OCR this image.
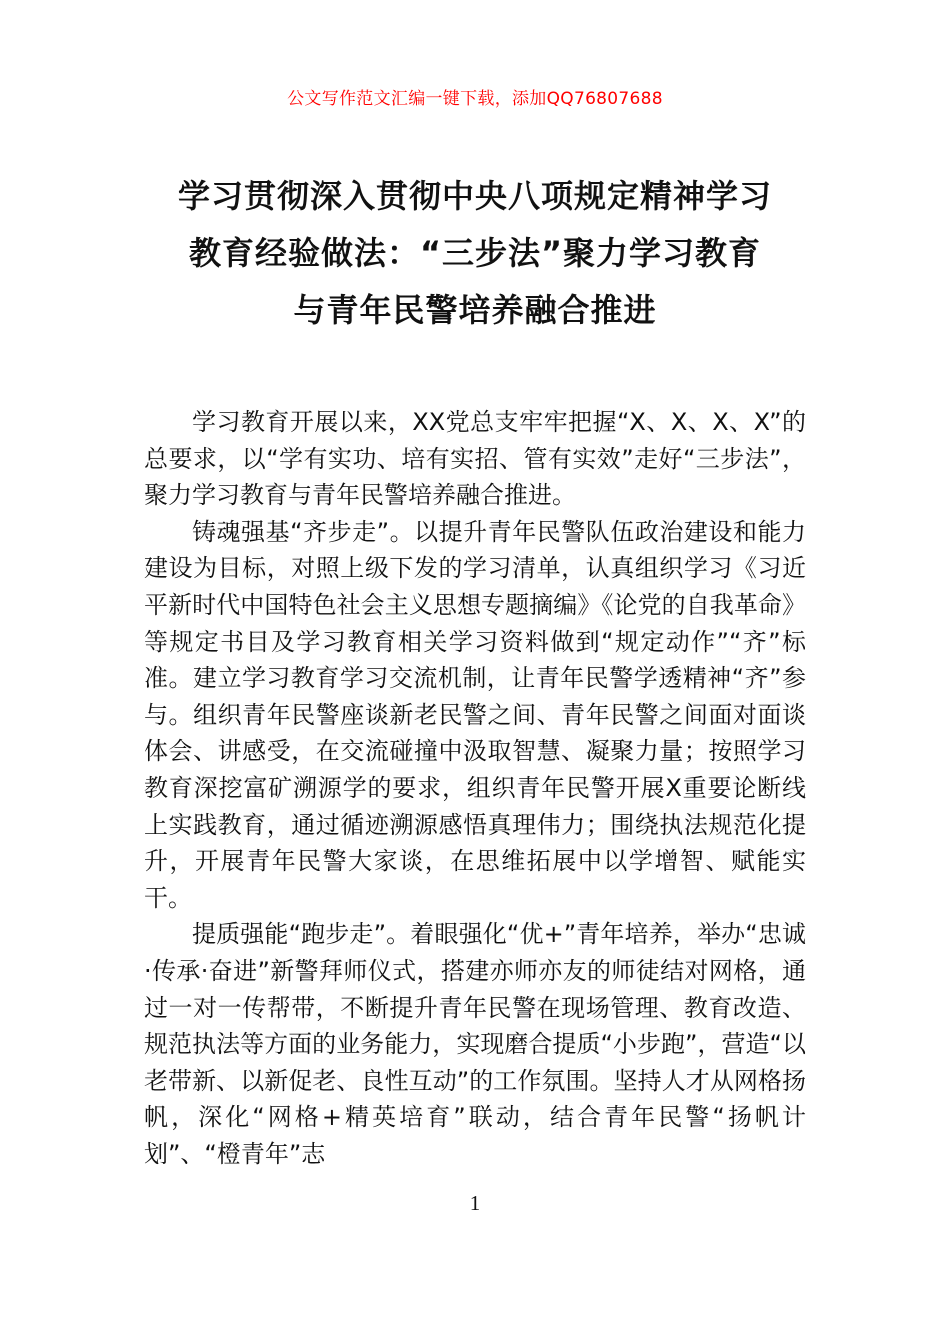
公文写作范文汇编一键下载，添加QQ76807688
学习贯彻深入贯彻中央八项规定精神学习
教育经验做法：“三步法”聚力学习教育
与青年民警培养融合推进

学习教育开展以来，XX党总支牢牢把握“X、X、X、X”的总要求，以“学有实功、培有实招、管有实效”走好“三步法”，聚力学习教育与青年民警培养融合推进。

铸魂强基“齐步走”。以提升青年民警队伍政治建设和能力建设为目标，对照上级下发的学习清单，认真组织学习《习近平新时代中国特色社会主义思想专题摘编》《论党的自我革命》等规定书目及学习教育相关学习资料做到“规定动作”“齐”标准。建立学习教育学习交流机制，让青年民警学透精神“齐”参与。组织青年民警座谈新老民警之间、青年民警之间面对面谈体会、讲感受，在交流碰撞中汲取智慧、凝聚力量；按照学习教育深挖富矿溯源学的要求，组织青年民警开展X重要论断线上实践教育，通过循迹溯源感悟真理伟力；围绕执法规范化提升，开展青年民警大家谈，在思维拓展中以学增智、赋能实干。

提质强能“跑步走”。着眼强化“优+”青年培养，举办“忠诚·传承·奋进”新警拜师仪式，搭建亦师亦友的师徒结对网格，通过一对一传帮带，不断提升青年民警在现场管理、教育改造、规范执法等方面的业务能力，实现磨合提质“小步跑”，营造“以老带新、以新促老、良性互动”的工作氛围。坚持人才从网格扬帆，深化“网格+精英培育”联动，结合青年民警“扬帆计划”、“橙青年”志

1
